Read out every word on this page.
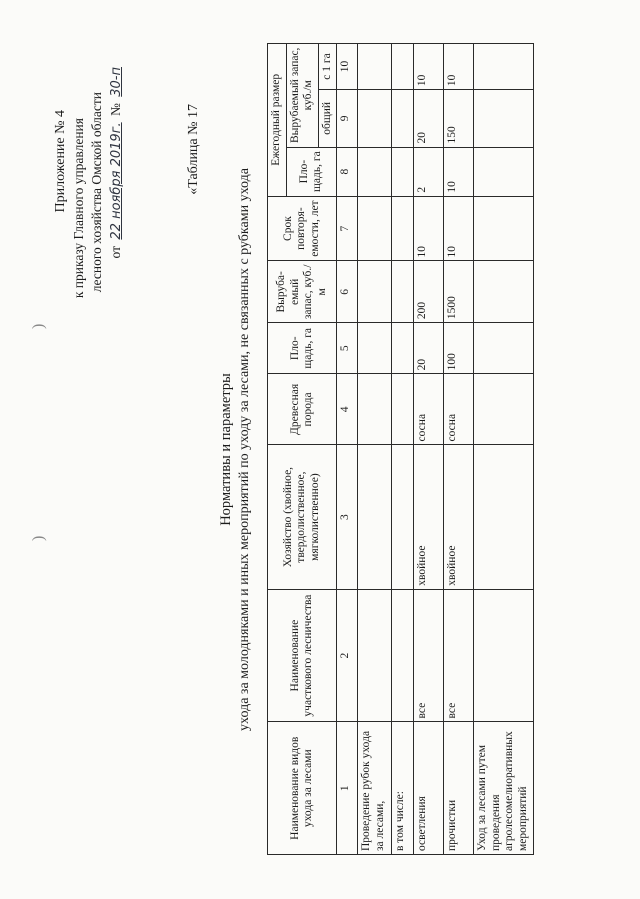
Приложение № 4 к приказу Главного управления лесного хозяйства Омской области от 22 ноября 2019г. № 30-п
«Таблица № 17
Нормативы и параметры ухода за молодняками и иных мероприятий по уходу за лесами, не связанных с рубками ухода
)
)
Наименование видов ухода за лесами	Наименование участкового лесничества	Хозяйство (хвойное, твердолиственное, мягколиственное)	Древесная порода	Пло-щадь, га	Выруба-емый запас, куб./м	Срок повторя-емости, лет	Ежегодный размер		
							Пло-щадь, га	Вырубаемый запас, куб./м	
								общий	с 1 га
1	2	3	4	5	6	7	8	9	10
Проведение рубок ухода за лесами,									
в том числе:									
осветления	все	хвойное	сосна	20	200	10	2	20	10
прочистки	все	хвойное	сосна	100	1500	10	10	150	10
Уход за лесами путем проведения агролесомелиоративных мероприятий									
